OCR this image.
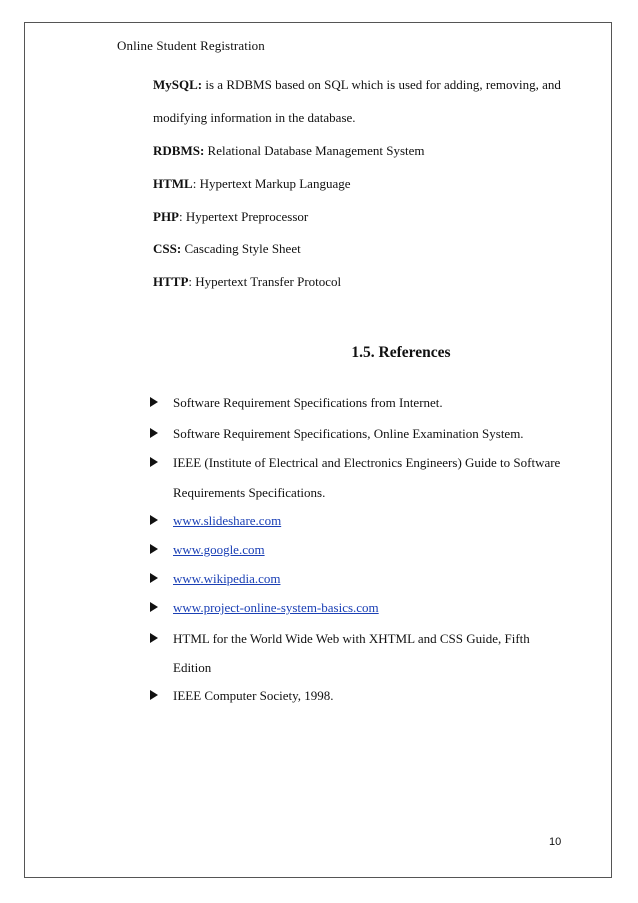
Online Student Registration
MySQL: is a RDBMS based on SQL which is used for adding, removing, and
modifying information in the database.
RDBMS: Relational Database Management System
HTML: Hypertext Markup Language
PHP: Hypertext Preprocessor
CSS: Cascading Style Sheet
HTTP: Hypertext Transfer Protocol
1.5. References
Software Requirement Specifications from Internet.
Software Requirement Specifications, Online Examination System.
IEEE (Institute of Electrical and Electronics Engineers) Guide to Software
Requirements Specifications.
www.slideshare.com
www.google.com
www.wikipedia.com
www.project-online-system-basics.com
HTML for the World Wide Web with XHTML and CSS Guide, Fifth
Edition
IEEE Computer Society, 1998.
10
